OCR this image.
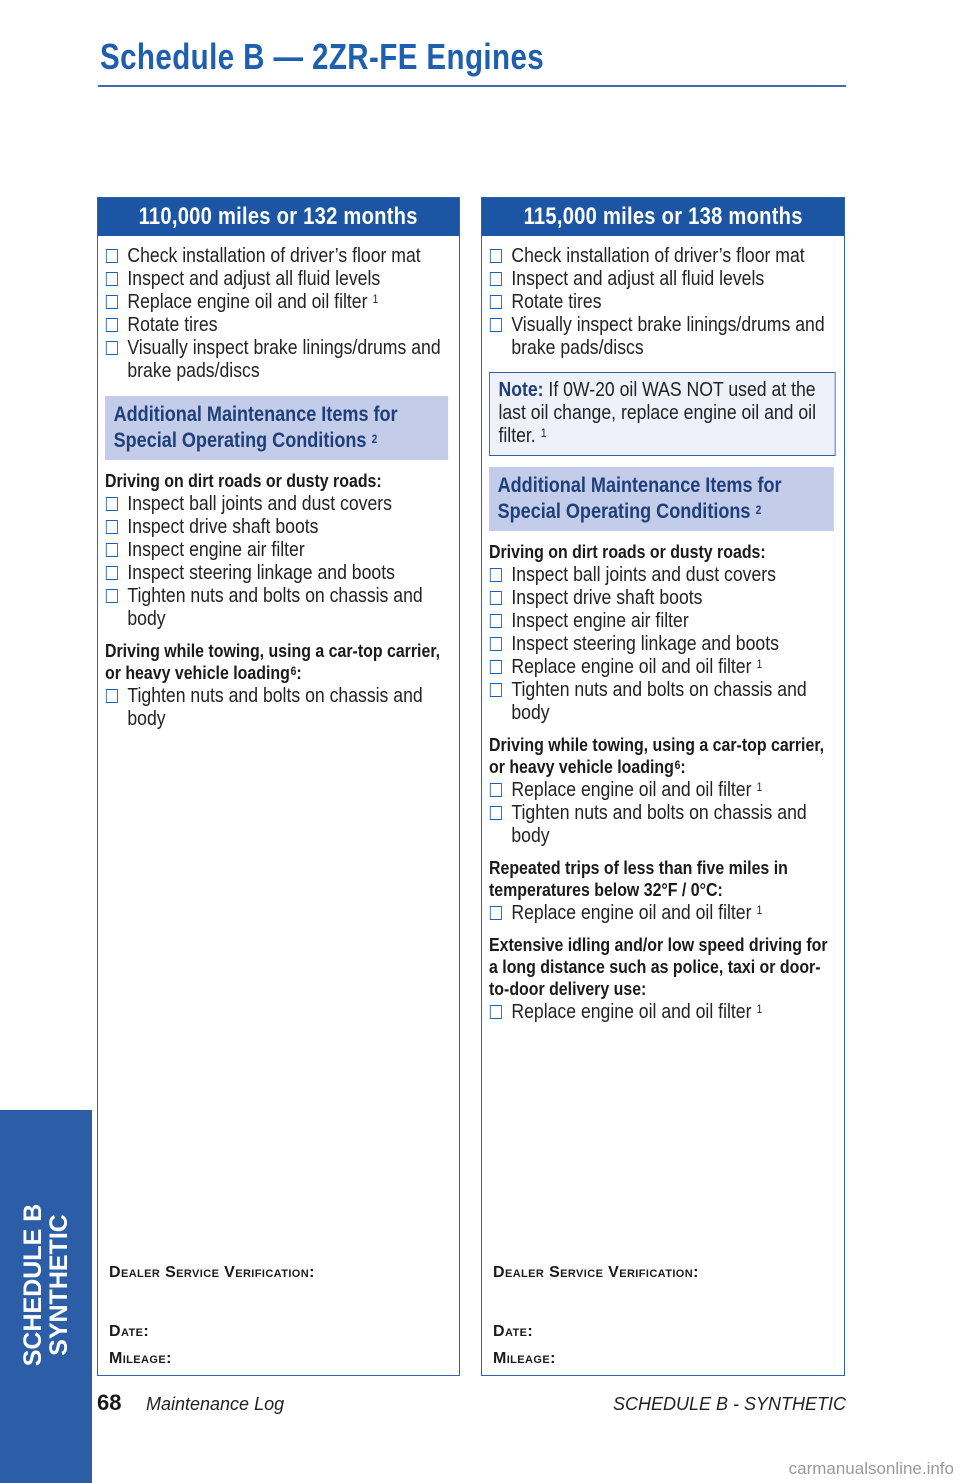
Schedule B — 2ZR-FE Engines
110,000 miles or 132 months
Check installation of driver’s floor mat
Inspect and adjust all fluid levels
Replace engine oil and oil filter $^1$
Rotate tires
Visually inspect brake linings/drums and brake pads/discs
Additional Maintenance Items for Special Operating Conditions $^2$
Driving on dirt roads or dusty roads:
Inspect ball joints and dust covers
Inspect drive shaft boots
Inspect engine air filter
Inspect steering linkage and boots
Tighten nuts and bolts on chassis and body
Driving while towing, using a car-top carrier, or heavy vehicle loading$^6$:
Tighten nuts and bolts on chassis and body
Dealer Service Verification:
Date:
Mileage:
115,000 miles or 138 months
Check installation of driver’s floor mat
Inspect and adjust all fluid levels
Rotate tires
Visually inspect brake linings/drums and brake pads/discs
Note: If 0W-20 oil WAS NOT used at the last oil change, replace engine oil and oil filter. $^1$
Additional Maintenance Items for Special Operating Conditions $^2$
Driving on dirt roads or dusty roads:
Inspect ball joints and dust covers
Inspect drive shaft boots
Inspect engine air filter
Inspect steering linkage and boots
Replace engine oil and oil filter $^1$
Tighten nuts and bolts on chassis and body
Driving while towing, using a car-top carrier, or heavy vehicle loading$^6$:
Replace engine oil and oil filter $^1$
Tighten nuts and bolts on chassis and body
Repeated trips of less than five miles in temperatures below 32°F / 0°C:
Replace engine oil and oil filter $^1$
Extensive idling and/or low speed driving for a long distance such as police, taxi or door-to-door delivery use:
Replace engine oil and oil filter $^1$
Dealer Service Verification:
Date:
Mileage:
SCHEDULE B
SYNTHETIC
68 Maintenance Log	SCHEDULE B - SYNTHETIC
carmanualsonline.info
